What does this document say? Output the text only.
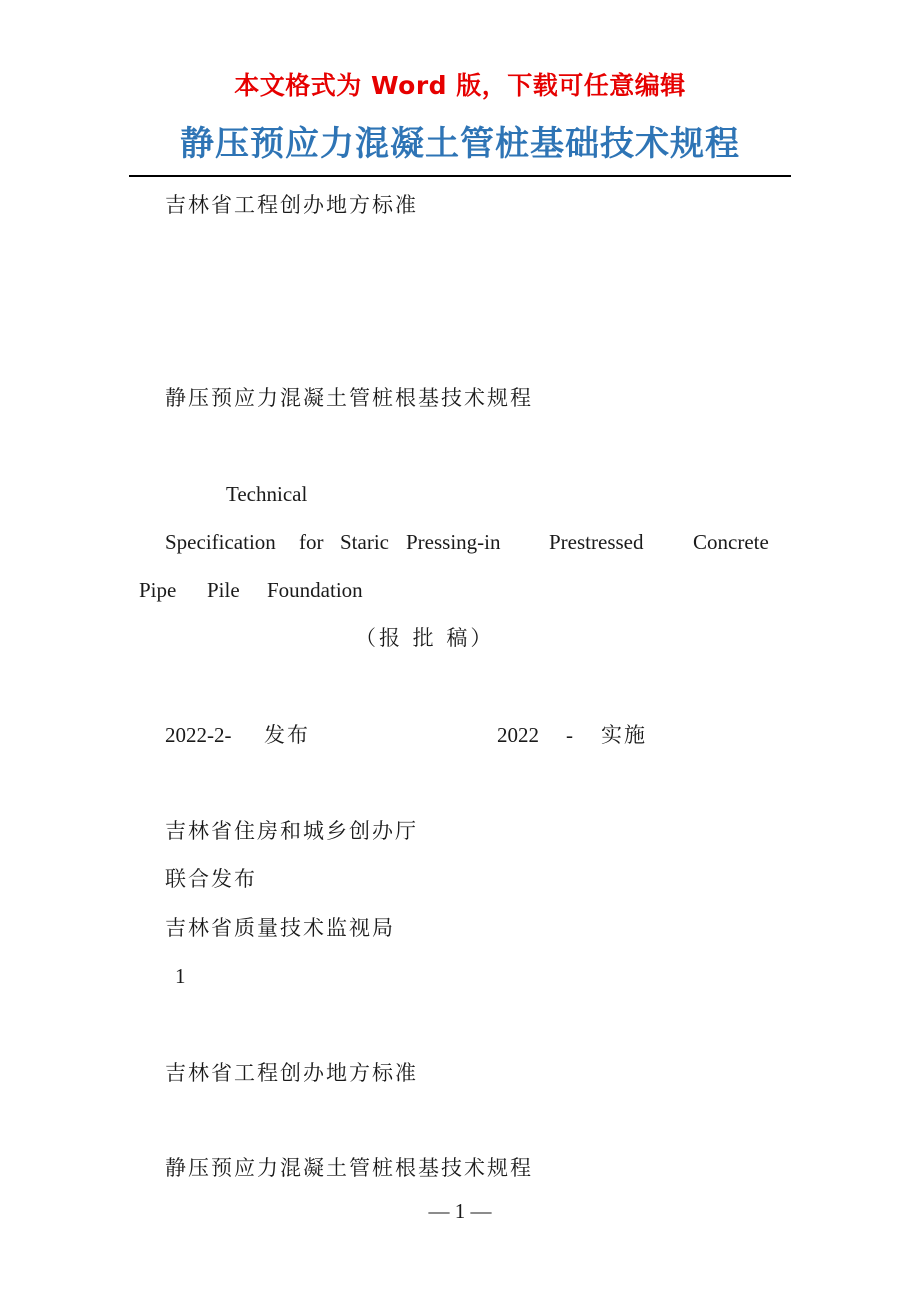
本文格式为 Word 版，下载可任意编辑
静压预应力混凝土管桩基础技术规程
吉林省工程创办地方标准
静压预应力混凝土管桩根基技术规程
Technical
Specification for Staric Pressing-in Prestressed Concrete
Pipe Pile Foundation
（报 批 稿）
2022-2- 发布	2022 - 实施
吉林省住房和城乡创办厅
联合发布
吉林省质量技术监视局
1
吉林省工程创办地方标准
静压预应力混凝土管桩根基技术规程
— 1 —
